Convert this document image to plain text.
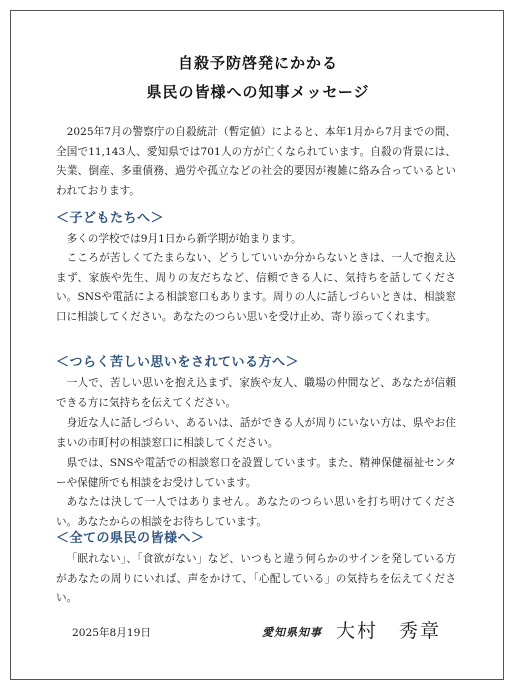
自殺予防啓発にかかる
県民の皆様への知事メッセージ

2025年7月の警察庁の自殺統計（暫定値）によると、本年1月から7月までの間、全国で11,143人、愛知県では701人の方が亡くなられています。自殺の背景には、失業、倒産、多重債務、過労や孤立などの社会的要因が複雑に絡み合っているといわれております。

＜子どもたちへ＞

多くの学校では9月1日から新学期が始まります。

こころが苦しくてたまらない、どうしていいか分からないときは、一人で抱え込まず、家族や先生、周りの友だちなど、信頼できる人に、気持ちを話してください。SNSや電話による相談窓口もあります。周りの人に話しづらいときは、相談窓口に相談してください。あなたのつらい思いを受け止め、寄り添ってくれます。

＜つらく苦しい思いをされている方へ＞

一人で、苦しい思いを抱え込まず、家族や友人、職場の仲間など、あなたが信頼できる方に気持ちを伝えてください。

身近な人に話しづらい、あるいは、話ができる人が周りにいない方は、県やお住まいの市町村の相談窓口に相談してください。

県では、SNSや電話での相談窓口を設置しています。また、精神保健福祉センターや保健所でも相談をお受けしています。

あなたは決して一人ではありません。あなたのつらい思いを打ち明けてください。あなたからの相談をお待ちしています。

＜全ての県民の皆様へ＞

「眠れない」、「食欲がない」など、いつもと違う何らかのサインを発している方があなたの周りにいれば、声をかけて、「心配している」の気持ちを伝えてください。

2025年8月19日	愛知県知事 大村　秀章
